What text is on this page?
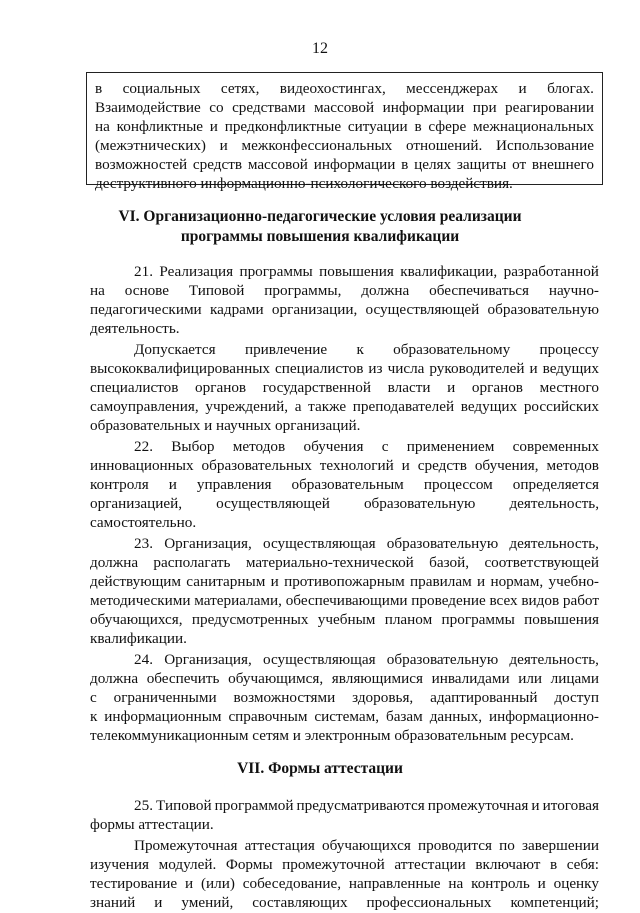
12
в социальных сетях, видеохостингах, мессенджерах и блогах.
Взаимодействие со средствами массовой информации при реагировании
на конфликтные и предконфликтные ситуации в сфере межнациональных
(межэтнических) и межконфессиональных отношений. Использование
возможностей средств массовой информации в целях защиты от внешнего
деструктивного информационно-психологического воздействия.
VI. Организационно-педагогические условия реализации
программы повышения квалификации
21. Реализация программы повышения квалификации, разработанной
на основе Типовой программы, должна обеспечиваться научно-
педагогическими кадрами организации, осуществляющей образовательную
деятельность.
Допускается привлечение к образовательному процессу
высококвалифицированных специалистов из числа руководителей и ведущих
специалистов органов государственной власти и органов местного
самоуправления, учреждений, а также преподавателей ведущих российских
образовательных и научных организаций.
22. Выбор методов обучения с применением современных
инновационных образовательных технологий и средств обучения, методов
контроля и управления образовательным процессом определяется
организацией, осуществляющей образовательную деятельность,
самостоятельно.
23. Организация, осуществляющая образовательную деятельность,
должна располагать материально-технической базой, соответствующей
действующим санитарным и противопожарным правилам и нормам, учебно-
методическими материалами, обеспечивающими проведение всех видов работ
обучающихся, предусмотренных учебным планом программы повышения
квалификации.
24. Организация, осуществляющая образовательную деятельность,
должна обеспечить обучающимся, являющимися инвалидами или лицами
с ограниченными возможностями здоровья, адаптированный доступ
к информационным справочным системам, базам данных, информационно-
телекоммуникационным сетям и электронным образовательным ресурсам.
VII. Формы аттестации
25. Типовой программой предусматриваются промежуточная и итоговая
формы аттестации.
Промежуточная аттестация обучающихся проводится по завершении
изучения модулей. Формы промежуточной аттестации включают в себя:
тестирование и (или) собеседование, направленные на контроль и оценку
знаний и умений, составляющих профессиональных компетенций;
